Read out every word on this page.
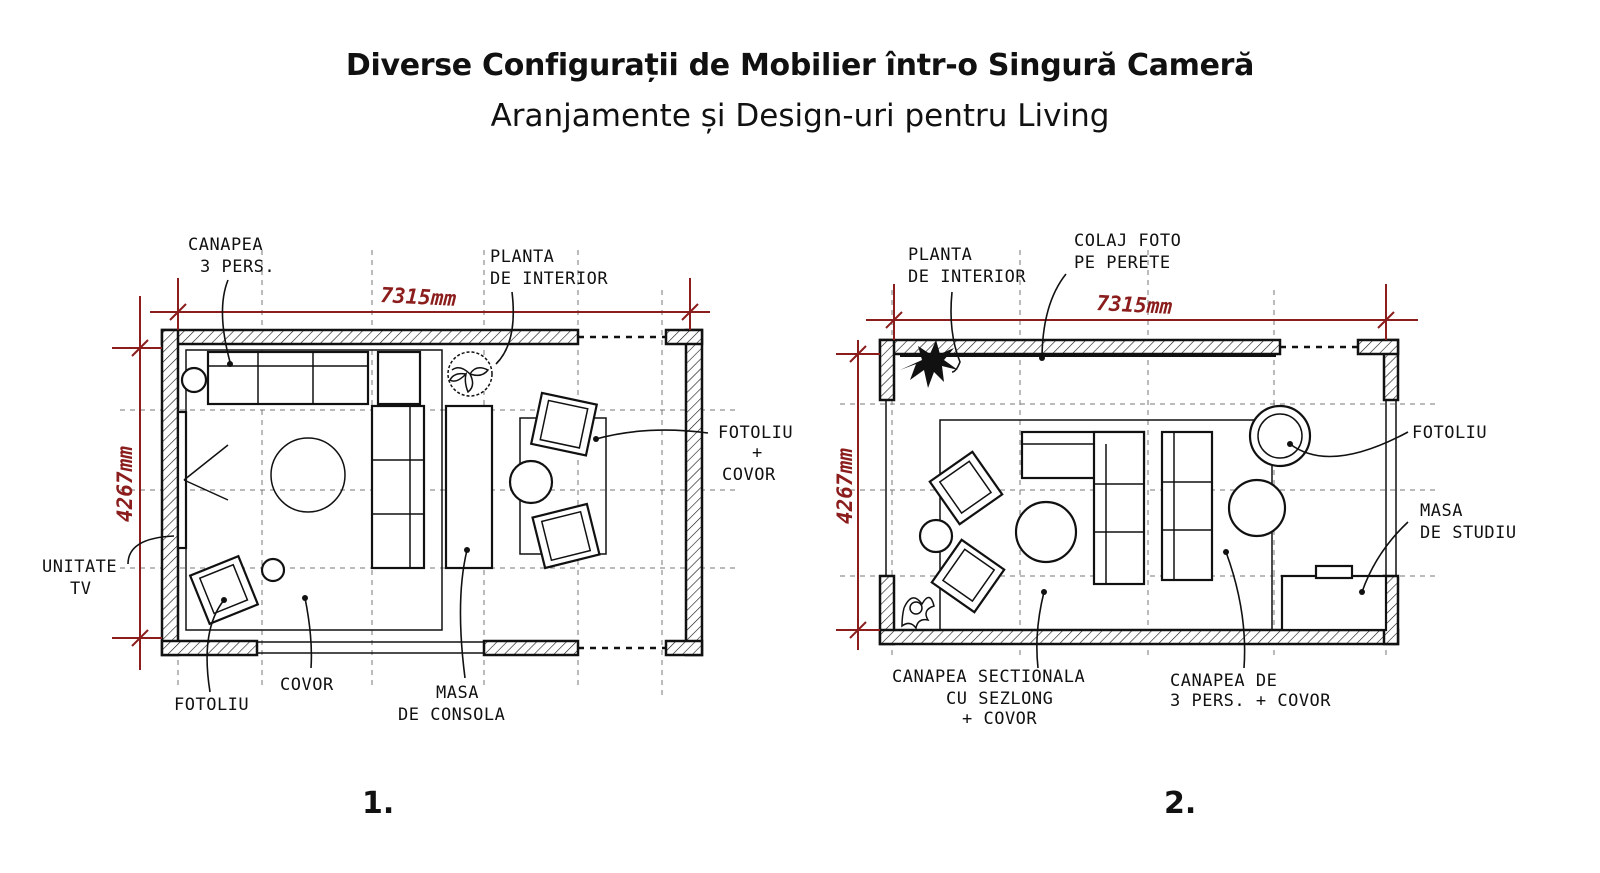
Diverse Configurații de Mobilier într-o Singură Cameră
Aranjamente și Design-uri pentru Living
7315mm
4267mm
CANAPEA
3 PERS.	PLANTA
DE INTERIOR
FOTOLIU
+
COVOR
UNITATE
TV
FOTOLIU
COVOR	MASA
DE CONSOLA
7315mm
4267mm
PLANTA
DE INTERIOR
COLAJ FOTO
PE PERETE
FOTOLIU
MASA
DE STUDIU
CANAPEA SECTIONALA
CU SEZLONG
+ COVOR
CANAPEA DE
3 PERS. + COVOR
1.	2.
